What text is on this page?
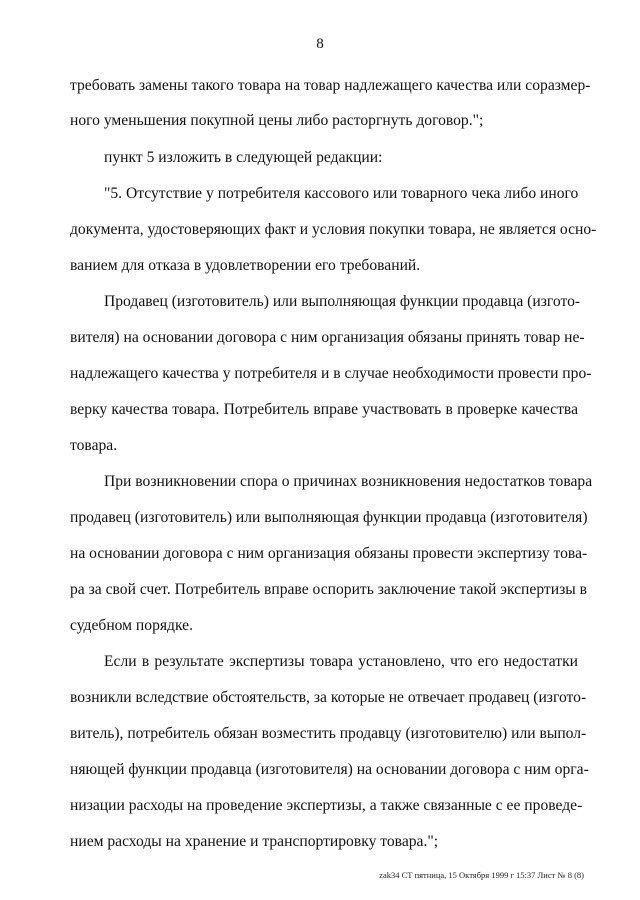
8
требовать замены такого товара на товар надлежащего качества или соразмер-
ного уменьшения покупной цены либо расторгнуть договор.";
пункт 5 изложить в следующей редакции:
"5. Отсутствие у потребителя кассового или товарного чека либо иного
документа, удостоверяющих факт и условия покупки товара, не является осно-
ванием для отказа в удовлетворении его требований.
Продавец (изготовитель) или выполняющая функции продавца (изгото-
вителя) на основании договора с ним организация обязаны принять товар не-
надлежащего качества у потребителя и в случае необходимости провести про-
верку качества товара. Потребитель вправе участвовать в проверке качества
товара.
При возникновении спора о причинах возникновения недостатков товара
продавец (изготовитель) или выполняющая функции продавца (изготовителя)
на основании договора с ним организация обязаны провести экспертизу това-
ра за свой счет. Потребитель вправе оспорить заключение такой экспертизы в
судебном порядке.
Если в результате экспертизы товара установлено, что его недостатки
возникли вследствие обстоятельств, за которые не отвечает продавец (изгото-
витель), потребитель обязан возместить продавцу (изготовителю) или выпол-
няющей функции продавца (изготовителя) на основании договора с ним орга-
низации расходы на проведение экспертизы, а также связанные с ее проведе-
нием расходы на хранение и транспортировку товара.";
zak34 СТ пятница, 15 Октября 1999 г 15:37 Лист № 8 (8)
